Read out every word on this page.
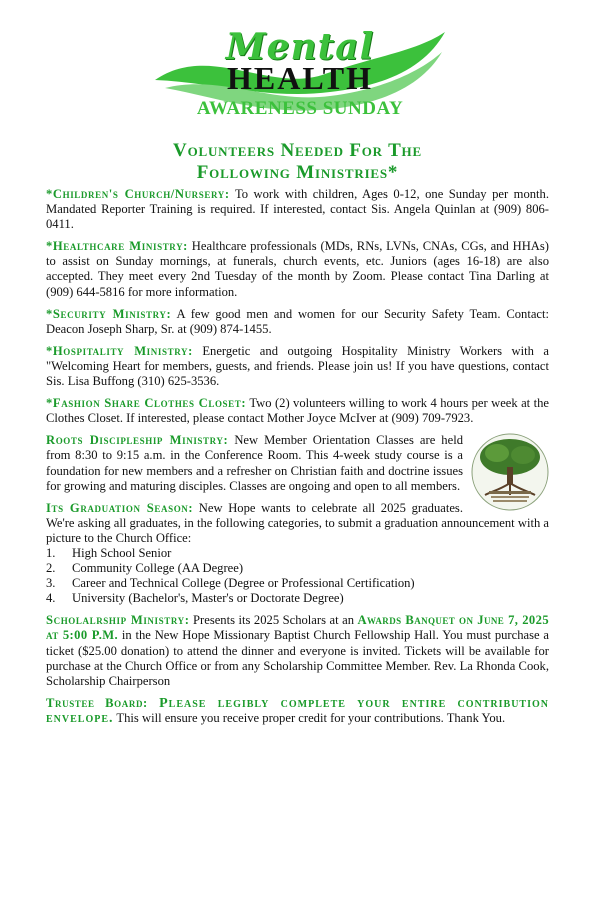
Mental
HEALTH
AWARENESS SUNDAY
Volunteers Needed For The
Following Ministries*

*Children's Church/Nursery: To work with children, Ages 0-12, one Sunday per month. Mandated Reporter Training is required. If interested, contact Sis. Angela Quinlan at (909) 806-0411.

*Healthcare Ministry: Healthcare professionals (MDs, RNs, LVNs, CNAs, CGs, and HHAs) to assist on Sunday mornings, at funerals, church events, etc. Juniors (ages 16-18) are also accepted. They meet every 2nd Tuesday of the month by Zoom. Please contact Tina Darling at (909) 644-5816 for more information.

*Security Ministry: A few good men and women for our Security Safety Team. Contact: Deacon Joseph Sharp, Sr. at (909) 874-1455.

*Hospitality Ministry: Energetic and outgoing Hospitality Ministry Workers with a "Welcoming Heart for members, guests, and friends. Please join us! If you have questions, contact Sis. Lisa Buffong (310) 625-3536.

*Fashion Share Clothes Closet: Two (2) volunteers willing to work 4 hours per week at the Clothes Closet. If interested, please contact Mother Joyce McIver at (909) 709-7923.

Roots Discipleship Ministry: New Member Orientation Classes are held from 8:30 to 9:15 a.m. in the Conference Room. This 4-week study course is a foundation for new members and a refresher on Christian faith and doctrine issues for growing and maturing disciples. Classes are ongoing and open to all members.

Its Graduation Season: New Hope wants to celebrate all 2025 graduates. We're asking all graduates, in the following categories, to submit a graduation announcement with a picture to the Church Office:
1. High School Senior
2. Community College (AA Degree)
3. Career and Technical College (Degree or Professional Certification)
4. University (Bachelor's, Master's or Doctorate Degree)

Scholalrship Ministry: Presents its 2025 Scholars at an Awards Banquet on June 7, 2025 at 5:00 P.M. in the New Hope Missionary Baptist Church Fellowship Hall. You must purchase a ticket ($25.00 donation) to attend the dinner and everyone is invited. Tickets will be available for purchase at the Church Office or from any Scholarship Committee Member. Rev. La Rhonda Cook, Scholarship Chairperson

Trustee Board: Please legibly complete your entire contribution envelope. This will ensure you receive proper credit for your contributions. Thank You.
